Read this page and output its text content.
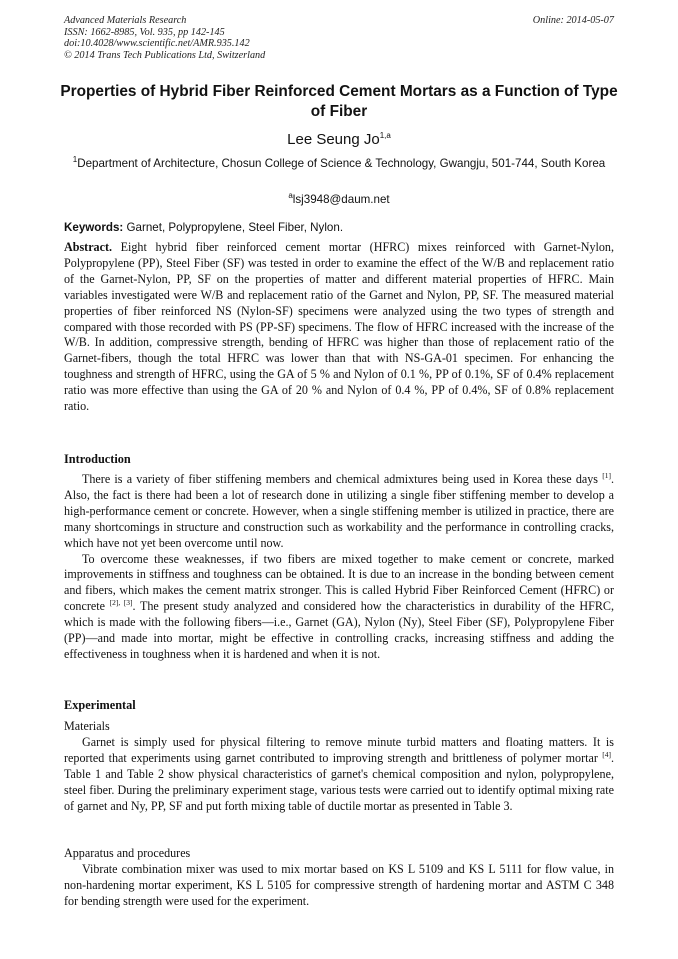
Advanced Materials Research
ISSN: 1662-8985, Vol. 935, pp 142-145
doi:10.4028/www.scientific.net/AMR.935.142
© 2014 Trans Tech Publications Ltd, Switzerland
Online: 2014-05-07
Properties of Hybrid Fiber Reinforced Cement Mortars as a Function of Type of Fiber
Lee Seung Jo$^{1,a}$
$^1$Department of Architecture, Chosun College of Science & Technology, Gwangju, 501-744, South Korea
$^a$lsj3948@daum.net
Keywords: Garnet, Polypropylene, Steel Fiber, Nylon.
Abstract. Eight hybrid fiber reinforced cement mortar (HFRC) mixes reinforced with Garnet-Nylon, Polypropylene (PP), Steel Fiber (SF) was tested in order to examine the effect of the W/B and replacement ratio of the Garnet-Nylon, PP, SF on the properties of matter and different material properties of HFRC. Main variables investigated were W/B and replacement ratio of the Garnet and Nylon, PP, SF. The measured material properties of fiber reinforced NS (Nylon-SF) specimens were analyzed using the two types of strength and compared with those recorded with PS (PP-SF) specimens. The flow of HFRC increased with the increase of the W/B. In addition, compressive strength, bending of HFRC was higher than those of replacement ratio of the Garnet-fibers, though the total HFRC was lower than that with NS-GA-01 specimen. For enhancing the toughness and strength of HFRC, using the GA of 5 % and Nylon of 0.1 %, PP of 0.1%, SF of 0.4% replacement ratio was more effective than using the GA of 20 % and Nylon of 0.4 %, PP of 0.4%, SF of 0.8% replacement ratio.
Introduction

There is a variety of fiber stiffening members and chemical admixtures being used in Korea these days [1]. Also, the fact is there had been a lot of research done in utilizing a single fiber stiffening member to develop a high-performance cement or concrete. However, when a single stiffening member is utilized in practice, there are many shortcomings in structure and construction such as workability and the performance in controlling cracks, which have not yet been overcome until now.

To overcome these weaknesses, if two fibers are mixed together to make cement or concrete, marked improvements in stiffness and toughness can be obtained. It is due to an increase in the bonding between cement and fibers, which makes the cement matrix stronger. This is called Hybrid Fiber Reinforced Cement (HFRC) or concrete [2], [3]. The present study analyzed and considered how the characteristics in durability of the HFRC, which is made with the following fibers—i.e., Garnet (GA), Nylon (Ny), Steel Fiber (SF), Polypropylene Fiber (PP)—and made into mortar, might be effective in controlling cracks, increasing stiffness and adding the effectiveness in toughness when it is hardened and when it is not.

Experimental
Materials

Garnet is simply used for physical filtering to remove minute turbid matters and floating matters. It is reported that experiments using garnet contributed to improving strength and brittleness of polymer mortar [4]. Table 1 and Table 2 show physical characteristics of garnet's chemical composition and nylon, polypropylene, steel fiber. During the preliminary experiment stage, various tests were carried out to identify optimal mixing rate of garnet and Ny, PP, SF and put forth mixing table of ductile mortar as presented in Table 3.

Apparatus and procedures

Vibrate combination mixer was used to mix mortar based on KS L 5109 and KS L 5111 for flow value, in non-hardening mortar experiment, KS L 5105 for compressive strength of hardening mortar and ASTM C 348 for bending strength were used for the experiment.
